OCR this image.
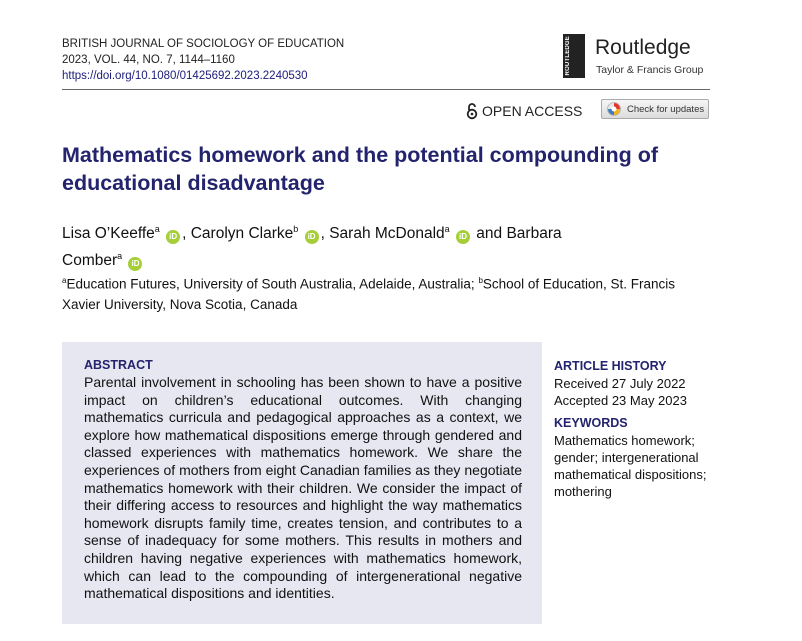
BRITISH JOURNAL OF SOCIOLOGY OF EDUCATION
2023, VOL. 44, NO. 7, 1144–1160
https://doi.org/10.1080/01425692.2023.2240530
ROUTLEDGE Routledge
Taylor & Francis Group
OPEN ACCESS	Check for updates
Mathematics homework and the potential compounding of educational disadvantage
Lisa O’Keeffe$^a$ iD , Carolyn Clarke$^b$ iD , Sarah McDonald$^a$ iD and Barbara Comber$^a$ iD
$^a$Education Futures, University of South Australia, Adelaide, Australia; $^b$School of Education, St. Francis Xavier University, Nova Scotia, Canada
ABSTRACT
Parental involvement in schooling has been shown to have a positive impact on children’s educational outcomes. With changing mathematics curricula and pedagogical approaches as a context, we explore how mathematical dispositions emerge through gendered and classed experiences with mathematics homework. We share the experiences of mothers from eight Canadian families as they negotiate mathematics homework with their children. We consider the impact of their differing access to resources and highlight the way mathematics homework disrupts family time, creates tension, and contributes to a sense of inadequacy for some mothers. This results in mothers and children having negative experiences with mathematics homework, which can lead to the compounding of intergenerational negative mathematical dispositions and identities.
ARTICLE HISTORY
Received 27 July 2022
Accepted 23 May 2023
KEYWORDS
Mathematics homework; gender; intergenerational mathematical dispositions; mothering
